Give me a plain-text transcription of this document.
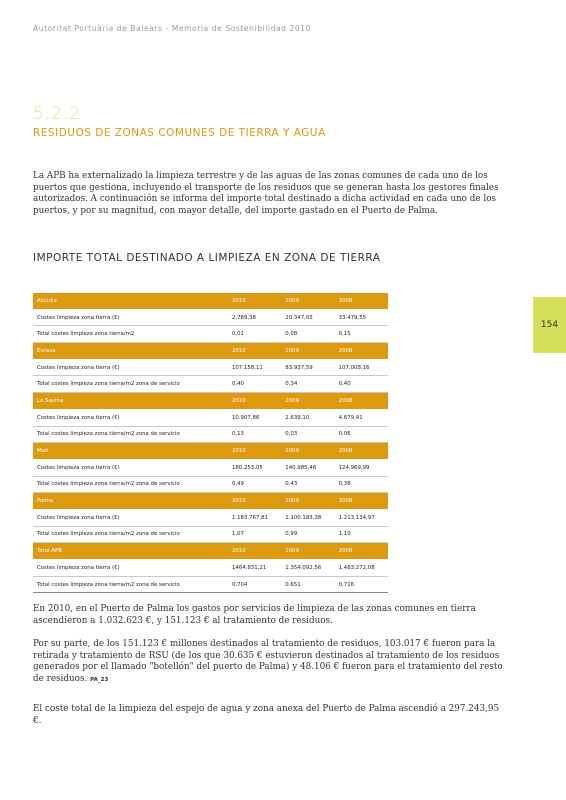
Autoritat Portuària de Balears - Memoria de Sostenibilidad 2010
154
5.2.2
RESIDUOS DE ZONAS COMUNES DE TIERRA Y AGUA
La APB ha externalizado la limpieza terrestre y de las aguas de las zonas comunes de cada uno de los puertos que gestiona, incluyendo el transporte de los residuos que se generan hasta los gestores finales autorizados. A continuación se informa del importe total destinado a dicha actividad en cada uno de los puertos, y por su magnitud, con mayor detalle, del importe gastado en el Puerto de Palma.
IMPORTE TOTAL DESTINADO A LIMPIEZA EN ZONA DE TIERRA
Alcúdia	2010	2009	2008
Costes limpieza zona tierra (€)	2.789,38	20.347,03	33.479,55
Total costes limpieza zona tierra/m2	0,01	0,08	0,15
Eivissa	2010	2009	2008
Costes limpieza zona tierra (€)	107.158,11	83.937,59	107.008,16
Total costes limpieza zona tierra/m2 zona de servicio	0,40	0,34	0,40
La Savina	2010	2009	2008
Costes limpieza zona tierra (€)	10.907,86	2.639,10	4.679,41
Total costes limpieza zona tierra/m2 zona de servicio	0,13	0,03	0,06
Maó	2010	2009	2008
Costes limpieza zona tierra (€)	180.253,05	140.985,46	124.969,99
Total costes limpieza zona tierra/m2 zona de servicio	0,49	0,43	0,38
Palma	2010	2009	2008
Costes limpieza zona tierra (€)	1.183.767,81	1.100.183,38	1.213.134,97
Total costes limpieza zona tierra/m2 zona de servicio	1,07	0,99	1,10
Total APB	2010	2009	2008
Costes limpieza zona tierra (€)	1464.831,21	1.354.092,56	1.483.272,08
Total costes limpieza zona tierra/m2 zona de servicio	0,704	0,651	0,716
En 2010, en el Puerto de Palma los gastos por servicios de limpieza de las zonas comunes en tierra ascendieron a 1.032.623 €, y 151.123 € al tratamiento de residuos.
Por su parte, de los 151.123 € millones destinados al tratamiento de residuos, 103.017 € fueron para la retirada y tratamiento de RSU (de los que 30.635 € estuvieron destinados al tratamiento de los residuos generados por el llamado "botellón" del puerto de Palma) y 48.106 € fueron para el tratamiento del resto de residuos. PA_23
El coste total de la limpieza del espejo de agua y zona anexa del Puerto de Palma ascendió a 297.243,95 €.
